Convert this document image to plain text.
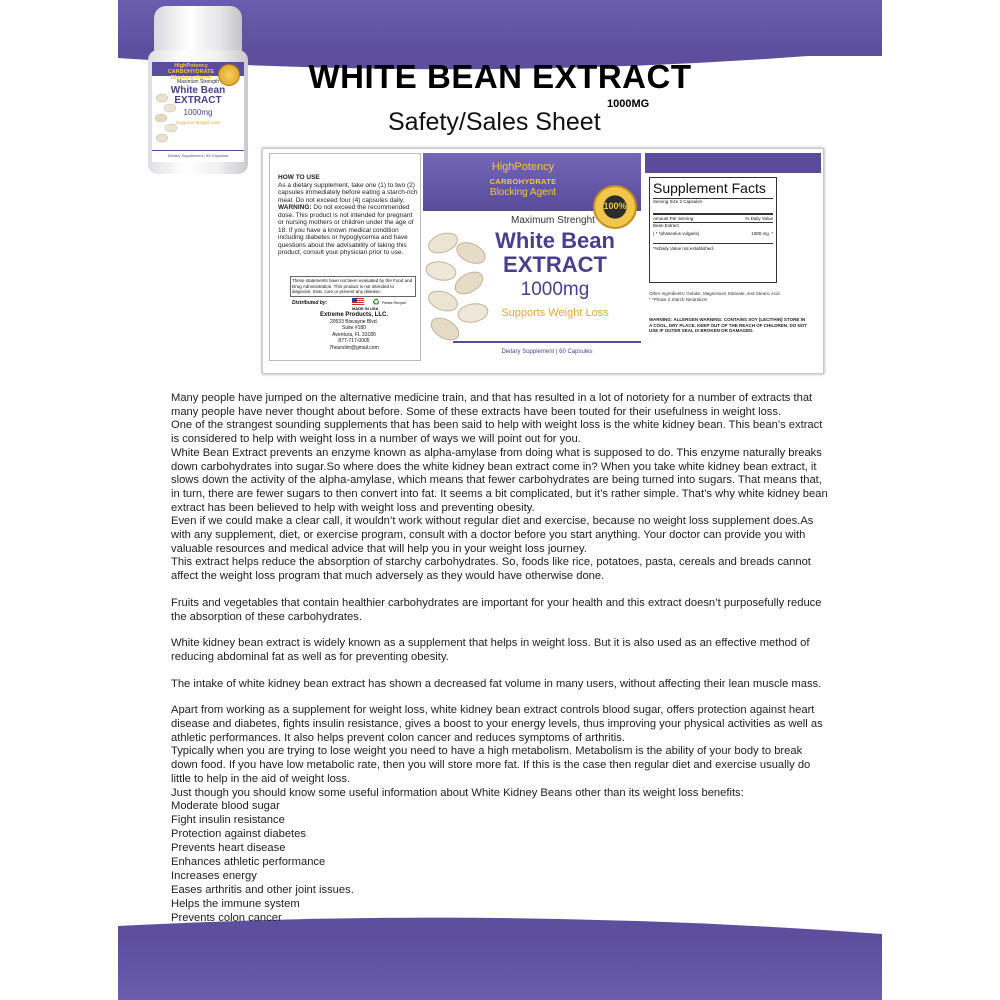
HighPotency
CARBOHYDRATE
Blocking Agent
Maximum Strength
White Bean
EXTRACT
1000mg
Supports Weight Loss
Dietary Supplement | 60 Capsules
WHITE BEAN EXTRACT
Safety/Sales Sheet
1000MG
HOW TO USE
As a dietary supplement, take one (1) to two (2) capsules immediately before eating a starch-rich meal. Do not exceed four (4) capsules daily.
WARNING: Do not exceed the recommended dose. This product is not intended for pregnant or nursing mothers or children under the age of 18. If you have a known medical condition including diabetes or hypoglycemia and have questions about the advisability of taking this product, consult your physician prior to use.
These statements have not been evaluated by the Food and Drug Administration. This product is not intended to diagnose, treat, cure or prevent any disease.
Distributed by:
MADE IN USA
♻ Please Recycle
Extreme Products, LLC.
20533 Biscayne Blvd.
Suite #180
Aventura, FL 33180
877-717-0005
7hourslim@gmail.com
HighPotency
CARBOHYDRATE
Blocking Agent
100%
Maximum Strenght
White Bean
EXTRACT
1000mg
Supports Weight Loss
Dietary Supplement | 60 Capsules
Supplement Facts
Serving Size 2 Capsules
Amount Per Serving	% Daily Value
Bean Extract
( * *phaseolus vulgaris)	1000 mg *
*%Daily Value not established.
Other Ingredients: Gelatin, Magnesium Stearate, and Stearic Acid
* *Phase 2 Starch Neutralizer
WARNING: ALLERGEN WARNING: CONTAINS SOY (LECITHIN) STORE IN A COOL, DRY PLACE. KEEP OUT OF THE REACH OF CHILDREN. DO NOT USE IF OUTER SEAL IS BROKEN OR DAMAGED.

Many people have jumped on the alternative medicine train, and that has resulted in a lot of notoriety for a number of extracts that many people have never thought about before. Some of these extracts have been touted for their usefulness in weight loss.

One of the strangest sounding supplements that has been said to help with weight loss is the white kidney bean. This bean’s extract is considered to help with weight loss in a number of ways we will point out for you.

White Bean Extract prevents an enzyme known as alpha-amylase from doing what is supposed to do. This enzyme naturally breaks down carbohydrates into sugar.So where does the white kidney bean extract come in? When you take white kidney bean extract, it slows down the activity of the alpha-amylase, which means that fewer carbohydrates are being turned into sugars. That means that, in turn, there are fewer sugars to then convert into fat. It seems a bit complicated, but it’s rather simple. That’s why white kidney bean extract has been believed to help with weight loss and preventing obesity.

Even if we could make a clear call, it wouldn’t work without regular diet and exercise, because no weight loss supplement does.As with any supplement, diet, or exercise program, consult with a doctor before you start anything. Your doctor can provide you with valuable resources and medical advice that will help you in your weight loss journey.

This extract helps reduce the absorption of starchy carbohydrates. So, foods like rice, potatoes, pasta, cereals and breads cannot affect the weight loss program that much adversely as they would have otherwise done.

Fruits and vegetables that contain healthier carbohydrates are important for your health and this extract doesn’t purposefully reduce the absorption of these carbohydrates.

White kidney bean extract is widely known as a supplement that helps in weight loss. But it is also used as an effective method of reducing abdominal fat as well as for preventing obesity.

The intake of white kidney bean extract has shown a decreased fat volume in many users, without affecting their lean muscle mass.

Apart from working as a supplement for weight loss, white kidney bean extract controls blood sugar, offers protection against heart disease and diabetes, fights insulin resistance, gives a boost to your energy levels, thus improving your physical activities as well as athletic performances. It also helps prevent colon cancer and reduces symptoms of arthritis.

Typically when you are trying to lose weight you need to have a high metabolism. Metabolism is the ability of your body to break down food. If you have low metabolic rate, then you will store more fat. If this is the case then regular diet and exercise usually do little to help in the aid of weight loss.

Just though you should know some useful information about White Kidney Beans other than its weight loss benefits:

Moderate blood sugar
Fight insulin resistance
Protection against diabetes
Prevents heart disease
Enhances athletic performance
Increases energy
Eases arthritis and other joint issues.
Helps the immune system
Prevents colon cancer
